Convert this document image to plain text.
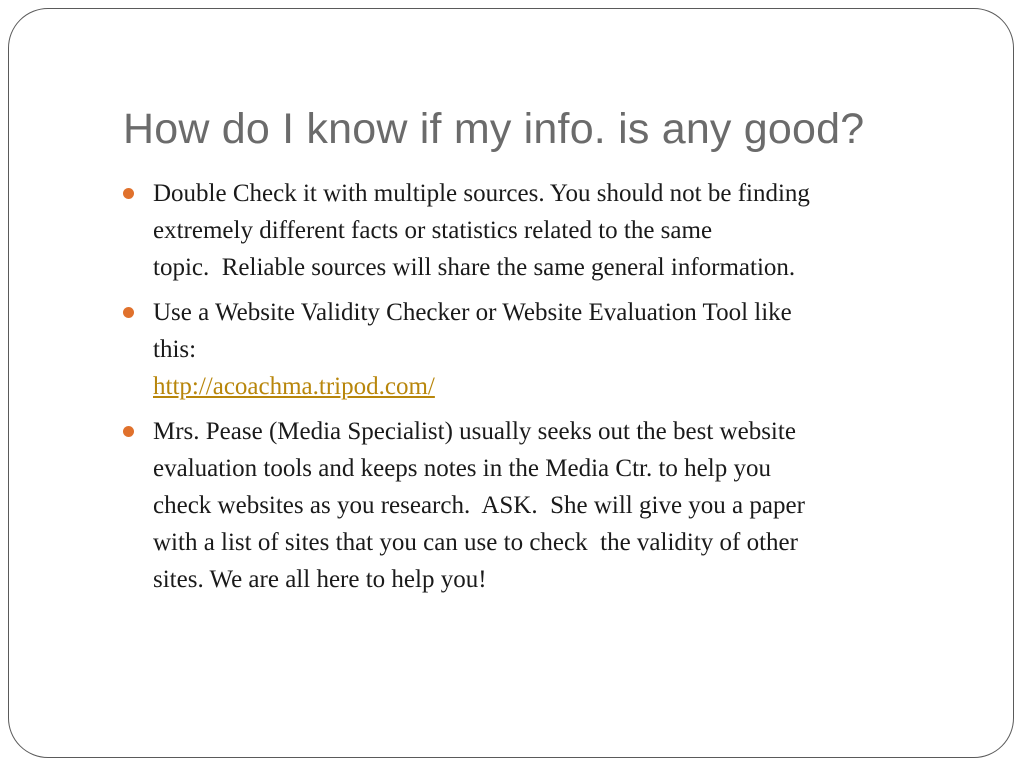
How do I know if my info. is any good?
Double Check it with multiple sources. You should not be finding
extremely different facts or statistics related to the same
topic.  Reliable sources will share the same general information.
Use a Website Validity Checker or Website Evaluation Tool like
this:
http://acoachma.tripod.com/
Mrs. Pease (Media Specialist) usually seeks out the best website
evaluation tools and keeps notes in the Media Ctr. to help you
check websites as you research.  ASK.  She will give you a paper
with a list of sites that you can use to check  the validity of other
sites. We are all here to help you!
